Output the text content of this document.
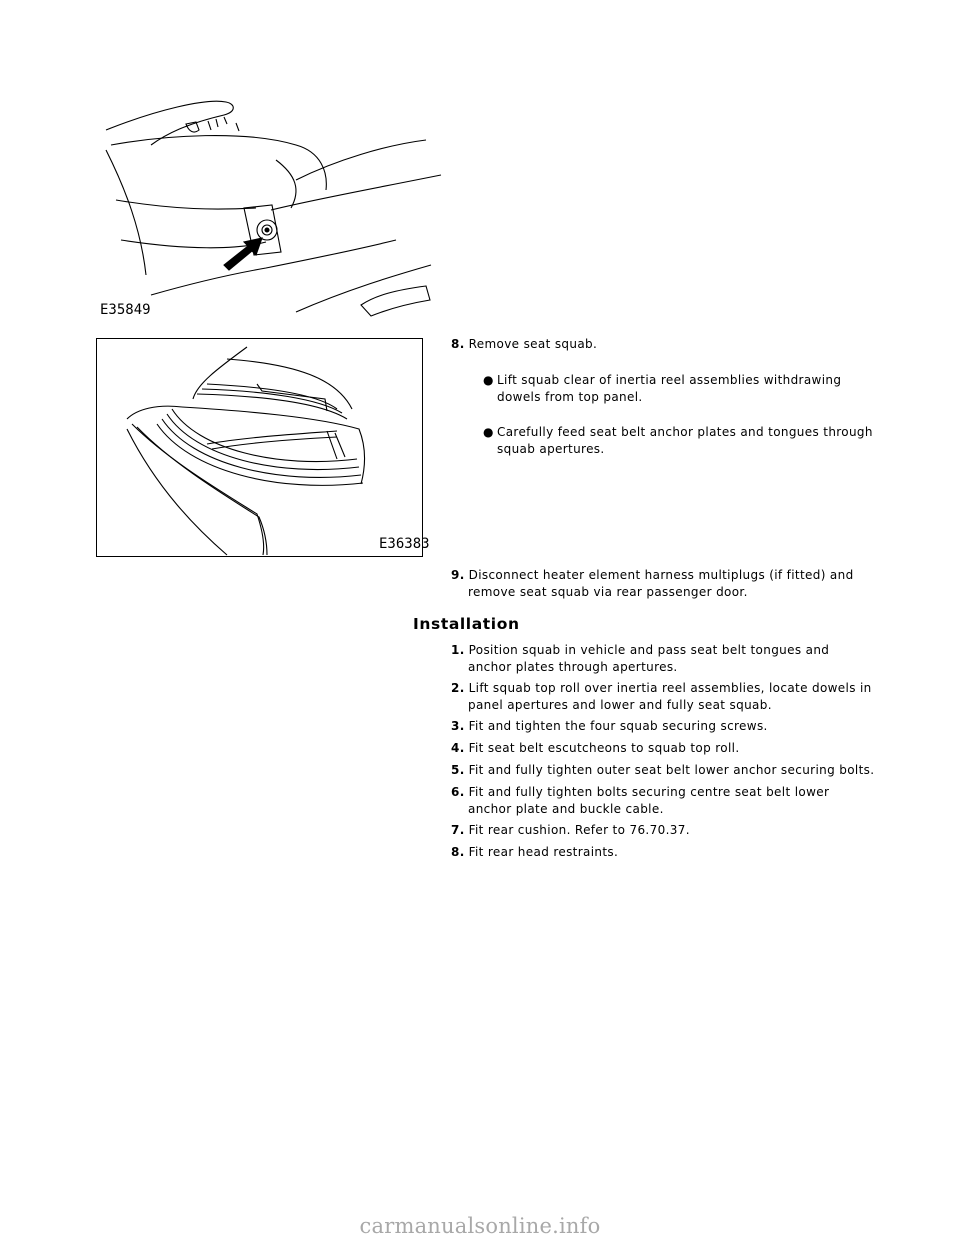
E35849
E36383
8. Remove seat squab.
● Lift squab clear of inertia reel assemblies withdrawing
dowels from top panel.
● Carefully feed seat belt anchor plates and tongues through
squab apertures.
9. Disconnect heater element harness multiplugs (if fitted) and
remove seat squab via rear passenger door.
Installation
1. Position squab in vehicle and pass seat belt tongues and
anchor plates through apertures.
2. Lift squab top roll over inertia reel assemblies, locate dowels in
panel apertures and lower and fully seat squab.
3. Fit and tighten the four squab securing screws.
4. Fit seat belt escutcheons to squab top roll.
5. Fit and fully tighten outer seat belt lower anchor securing bolts.
6. Fit and fully tighten bolts securing centre seat belt lower
anchor plate and buckle cable.
7. Fit rear cushion. Refer to 76.70.37.
8. Fit rear head restraints.
carmanualsonline.info
